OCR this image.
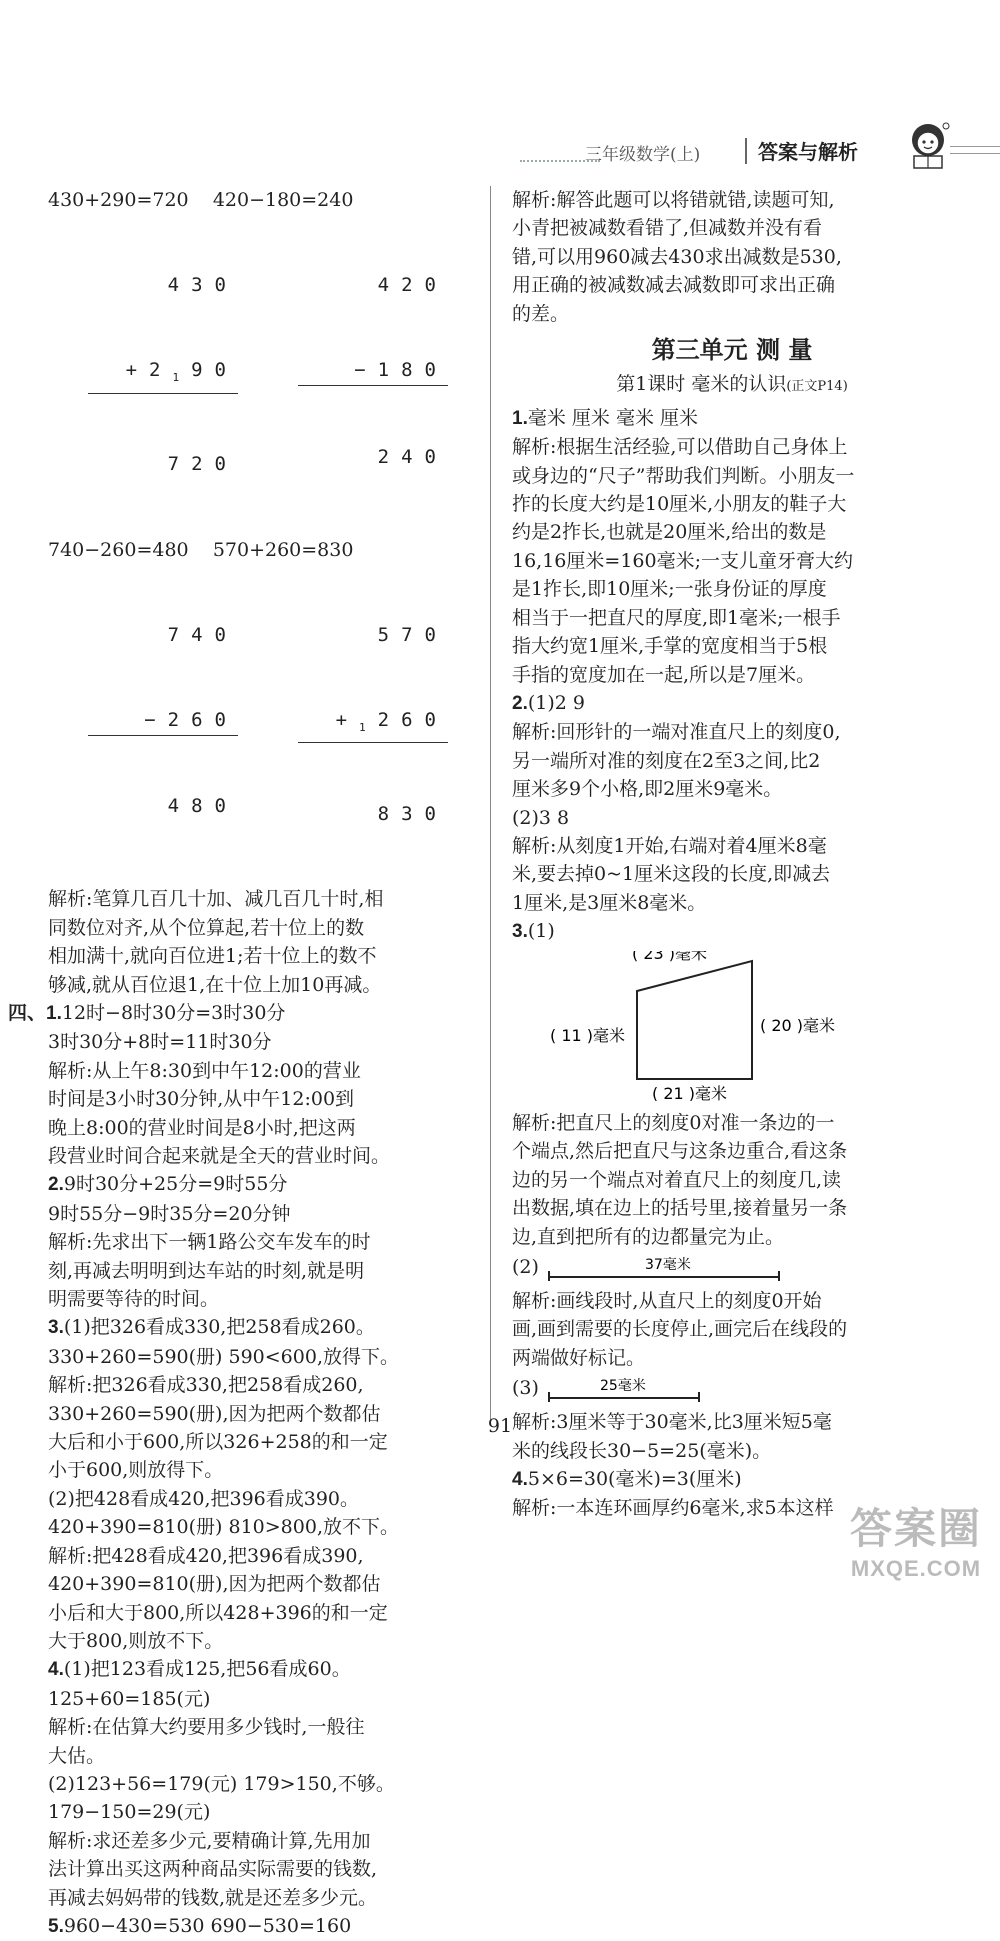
三年级数学(上)	答案与解析
430+290=720 420−180=240

4 3 0

+ 2 $_1$9 0

7 2 0

4 2 0

− 1 8 0

2 4 0

740−260=480 570+260=830

7 4 0

− 2 6 0

4 8 0

5 7 0

+ $_1$2 6 0

8 3 0

解析:笔算几百几十加、减几百几十时,相
同数位对齐,从个位算起,若十位上的数
相加满十,就向百位进1;若十位上的数不
够减,就从百位退1,在十位上加10再减。
四、1.12时−8时30分=3时30分
3时30分+8时=11时30分
解析:从上午8:30到中午12:00的营业
时间是3小时30分钟,从中午12:00到
晚上8:00的营业时间是8小时,把这两
段营业时间合起来就是全天的营业时间。
2.9时30分+25分=9时55分
9时55分−9时35分=20分钟
解析:先求出下一辆1路公交车发车的时
刻,再减去明明到达车站的时刻,就是明
明需要等待的时间。
3.(1)把326看成330,把258看成260。
330+260=590(册) 590<600,放得下。
解析:把326看成330,把258看成260,
330+260=590(册),因为把两个数都估
大后和小于600,所以326+258的和一定
小于600,则放得下。
(2)把428看成420,把396看成390。
420+390=810(册) 810>800,放不下。
解析:把428看成420,把396看成390,
420+390=810(册),因为把两个数都估
小后和大于800,所以428+396的和一定
大于800,则放不下。
4.(1)把123看成125,把56看成60。
125+60=185(元)
解析:在估算大约要用多少钱时,一般往
大估。
(2)123+56=179(元) 179>150,不够。
179−150=29(元)
解析:求还差多少元,要精确计算,先用加
法计算出买这两种商品实际需要的钱数,
再减去妈妈带的钱数,就是还差多少元。
5.960−430=530 690−530=160
解析:解答此题可以将错就错,读题可知,
小青把被减数看错了,但减数并没有看
错,可以用960减去430求出减数是530,
用正确的被减数减去减数即可求出正确
的差。
第三单元 测 量
第1课时 毫米的认识(正文P14)
1.毫米 厘米 毫米 厘米
解析:根据生活经验,可以借助自己身体上
或身边的“尺子”帮助我们判断。小朋友一
拃的长度大约是10厘米,小朋友的鞋子大
约是2拃长,也就是20厘米,给出的数是
16,16厘米=160毫米;一支儿童牙膏大约
是1拃长,即10厘米;一张身份证的厚度
相当于一把直尺的厚度,即1毫米;一根手
指大约宽1厘米,手掌的宽度相当于5根
手指的宽度加在一起,所以是7厘米。
2.(1)2 9
解析:回形针的一端对准直尺上的刻度0,
另一端所对准的刻度在2至3之间,比2
厘米多9个小格,即2厘米9毫米。
(2)3 8
解析:从刻度1开始,右端对着4厘米8毫
米,要去掉0~1厘米这段的长度,即减去
1厘米,是3厘米8毫米。
3.(1)
( 23 )毫米
( 11 )毫米
( 20 )毫米
( 21 )毫米
解析:把直尺上的刻度0对准一条边的一
个端点,然后把直尺与这条边重合,看这条
边的另一个端点对着直尺上的刻度几,读
出数据,填在边上的括号里,接着量另一条
边,直到把所有的边都量完为止。
(2)	37毫米
解析:画线段时,从直尺上的刻度0开始
画,画到需要的长度停止,画完后在线段的
两端做好标记。
(3)	25毫米
解析:3厘米等于30毫米,比3厘米短5毫
米的线段长30−5=25(毫米)。
4.5×6=30(毫米)=3(厘米)
解析:一本连环画厚约6毫米,求5本这样
91
答案圈
MXQE.COM
